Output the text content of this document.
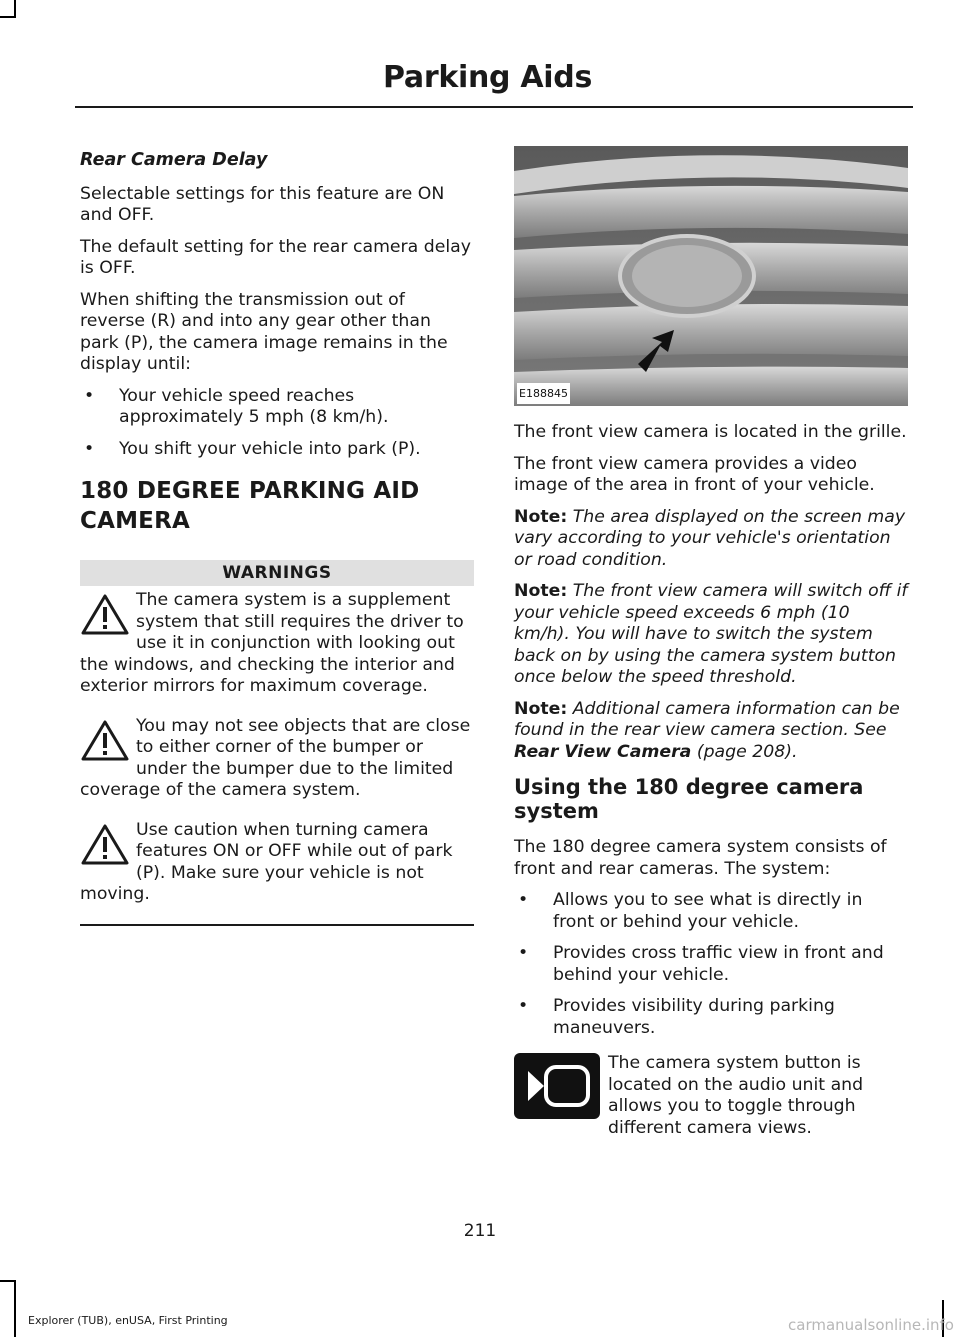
Parking Aids
Rear Camera Delay

Selectable settings for this feature are ON and OFF.

The default setting for the rear camera delay is OFF.

When shifting the transmission out of reverse (R) and into any gear other than park (P), the camera image remains in the display until:

•	Your vehicle speed reaches approximately 5 mph (8 km/h).
•	You shift your vehicle into park (P).
180 DEGREE PARKING AID CAMERA
WARNINGS
The camera system is a supplement system that still requires the driver to use it in conjunction with looking out the windows, and checking the interior and exterior mirrors for maximum coverage.
You may not see objects that are close to either corner of the bumper or under the bumper due to the limited coverage of the camera system.
Use caution when turning camera features ON or OFF while out of park (P). Make sure your vehicle is not moving.
E188845

The front view camera is located in the grille.

The front view camera provides a video image of the area in front of your vehicle.

Note: The area displayed on the screen may vary according to your vehicle's orientation or road condition.

Note: The front view camera will switch off if your vehicle speed exceeds 6 mph (10 km/h). You will have to switch the system back on by using the camera system button once below the speed threshold.

Note: Additional camera information can be found in the rear view camera section. See Rear View Camera (page 208).

Using the 180 degree camera system

The 180 degree camera system consists of front and rear cameras. The system:

•	Allows you to see what is directly in front or behind your vehicle.
•	Provides cross traffic view in front and behind your vehicle.
•	Provides visibility during parking maneuvers.
The camera system button is located on the audio unit and allows you to toggle through different camera views.
211
Explorer (TUB), enUSA, First Printing	carmanualsonline.info
